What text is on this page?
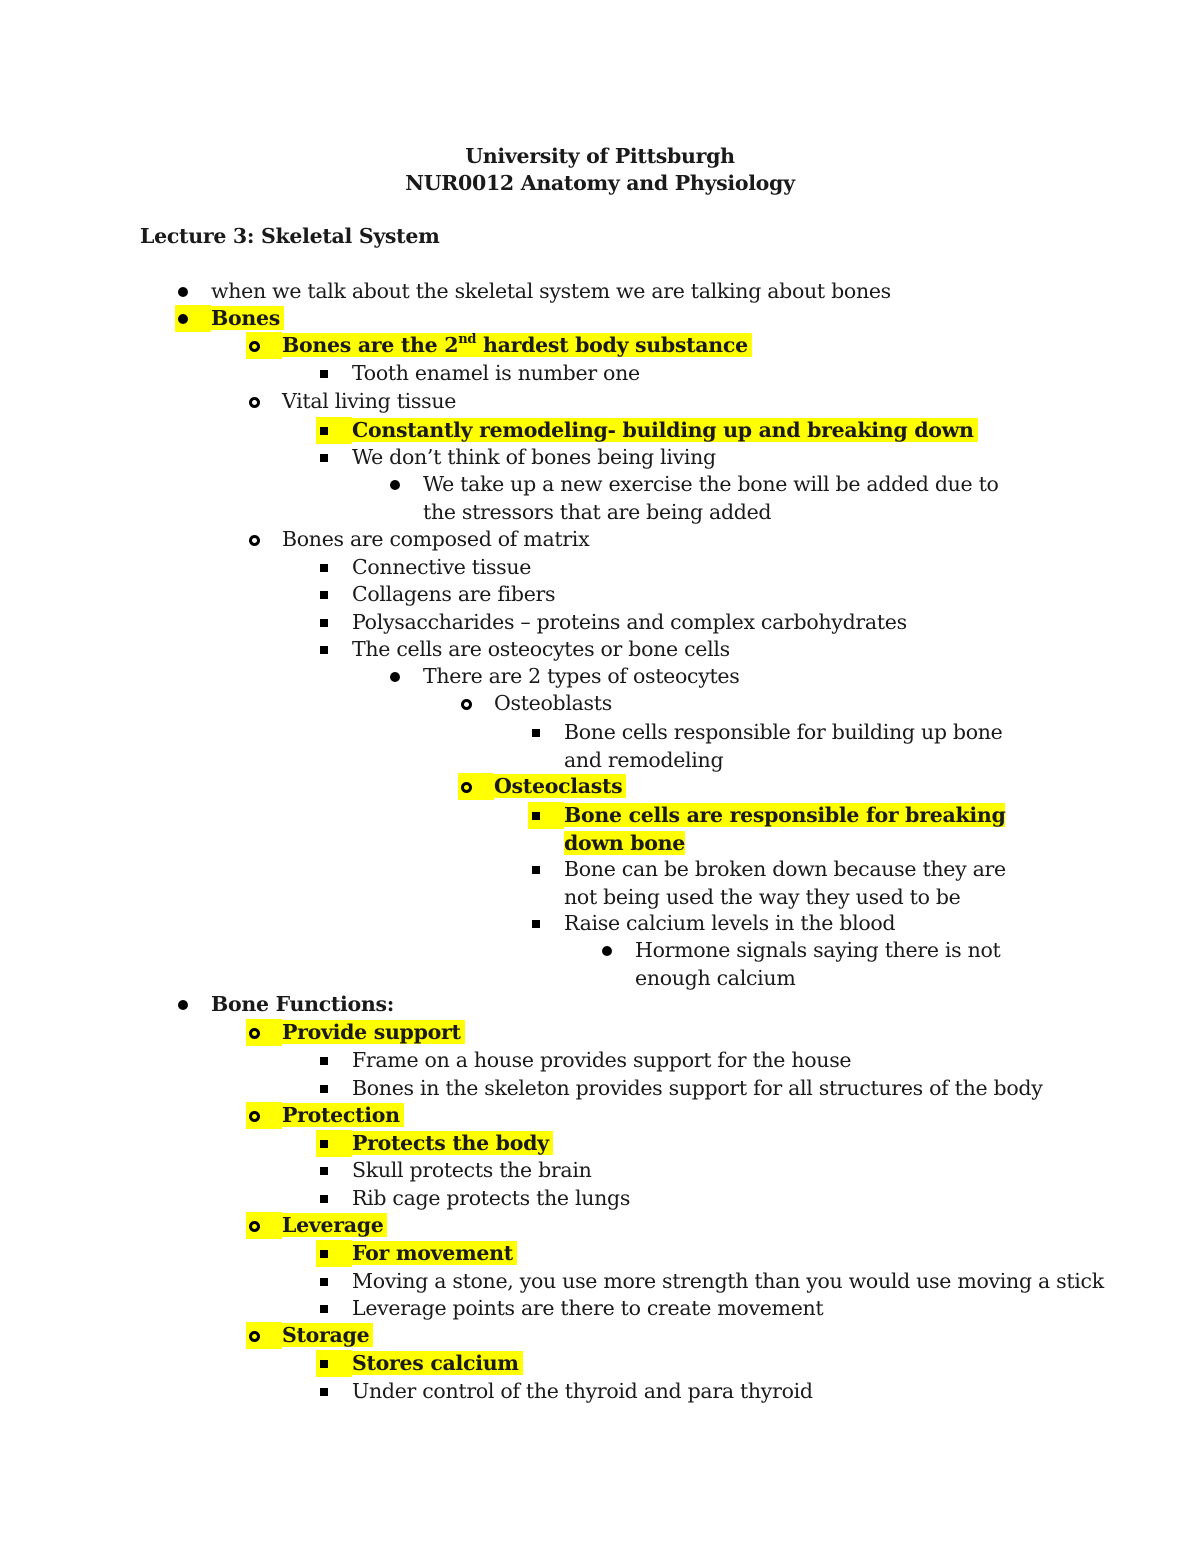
University of Pittsburgh
NUR0012 Anatomy and Physiology
Lecture 3: Skeletal System
when we talk about the skeletal system we are talking about bones
Bones
Bones are the 2nd hardest body substance
Tooth enamel is number one
Vital living tissue
Constantly remodeling- building up and breaking down
We don’t think of bones being living
We take up a new exercise the bone will be added due to the stressors that are being added
Bones are composed of matrix
Connective tissue
Collagens are fibers
Polysaccharides – proteins and complex carbohydrates
The cells are osteocytes or bone cells
There are 2 types of osteocytes
Osteoblasts
Bone cells responsible for building up bone and remodeling
Osteoclasts
Bone cells are responsible for breaking down bone
Bone can be broken down because they are not being used the way they used to be
Raise calcium levels in the blood
Hormone signals saying there is not enough calcium
Bone Functions:
Provide support
Frame on a house provides support for the house
Bones in the skeleton provides support for all structures of the body
Protection
Protects the body
Skull protects the brain
Rib cage protects the lungs
Leverage
For movement
Moving a stone, you use more strength than you would use moving a stick
Leverage points are there to create movement
Storage
Stores calcium
Under control of the thyroid and para thyroid
